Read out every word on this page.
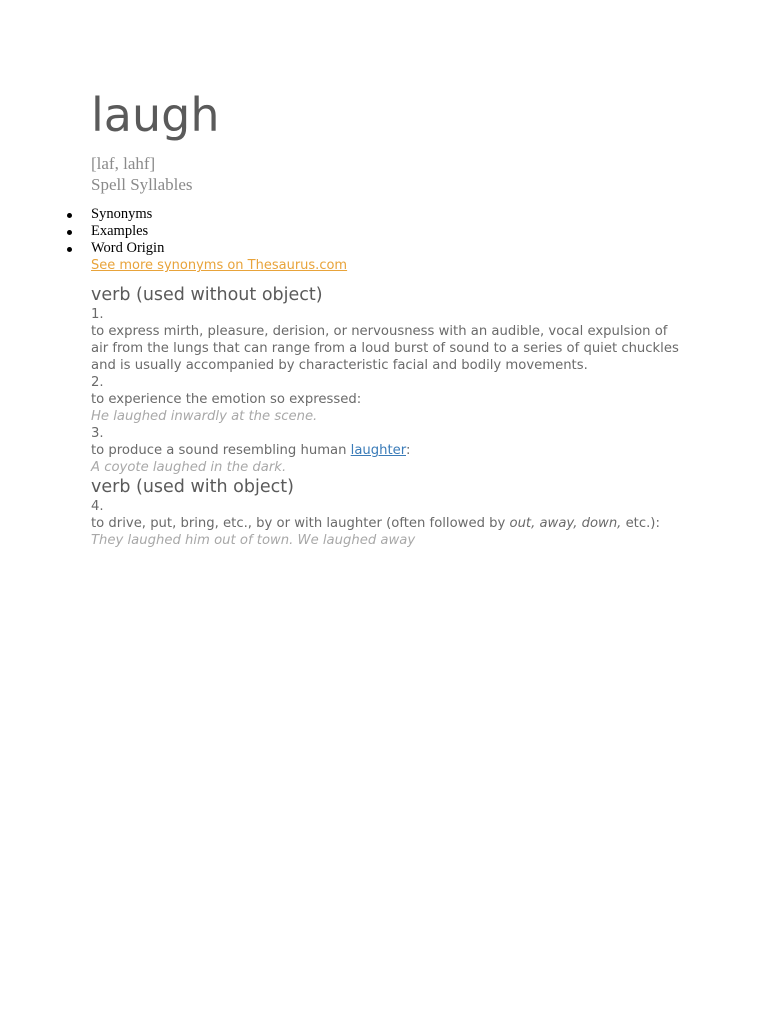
laugh
[laf, lahf]
Spell Syllables
Synonyms
Examples
Word Origin
See more synonyms on Thesaurus.com
verb (used without object)
1.
to express mirth, pleasure, derision, or nervousness with an audible, vocal expulsion of air from the lungs that can range from a loud burst of sound to a series of quiet chuckles and is usually accompanied by characteristic facial and bodily movements.
2.
to experience the emotion so expressed:
He laughed inwardly at the scene.
3.
to produce a sound resembling human laughter:
A coyote laughed in the dark.
verb (used with object)
4.
to drive, put, bring, etc., by or with laughter (often followed by out, away, down, etc.):
They laughed him out of town. We laughed away
